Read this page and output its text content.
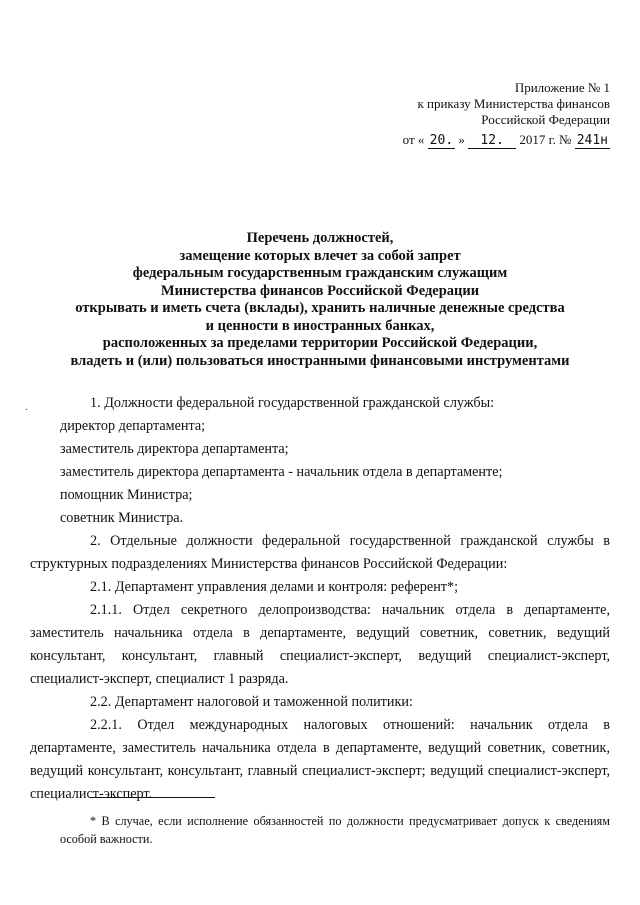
Приложение № 1
к приказу Министерства финансов
Российской Федерации
от « 20. » 12. 2017 г. № 241н
Перечень должностей,
замещение которых влечет за собой запрет
федеральным государственным гражданским служащим
Министерства финансов Российской Федерации
открывать и иметь счета (вклады), хранить наличные денежные средства
и ценности в иностранных банках,
расположенных за пределами территории Российской Федерации,
владеть и (или) пользоваться иностранными финансовыми инструментами
·	1. Должности федеральной государственной гражданской службы:

директор департамента;

заместитель директора департамента;

заместитель директора департамента - начальник отдела в департаменте;

помощник Министра;

советник Министра.

2. Отдельные должности федеральной государственной гражданской службы в структурных подразделениях Министерства финансов Российской Федерации:

2.1. Департамент управления делами и контроля: референт*;

2.1.1. Отдел секретного делопроизводства: начальник отдела в департаменте, заместитель начальника отдела в департаменте, ведущий советник, советник, ведущий консультант, консультант, главный специалист-эксперт, ведущий специалист-эксперт, специалист-эксперт, специалист 1 разряда.

2.2. Департамент налоговой и таможенной политики:

2.2.1. Отдел международных налоговых отношений: начальник отдела в департаменте, заместитель начальника отдела в департаменте, ведущий советник, советник, ведущий консультант, консультант, главный специалист-эксперт; ведущий специалист-эксперт, специалист-эксперт.

* В случае, если исполнение обязанностей по должности предусматривает допуск к сведениям особой важности.
